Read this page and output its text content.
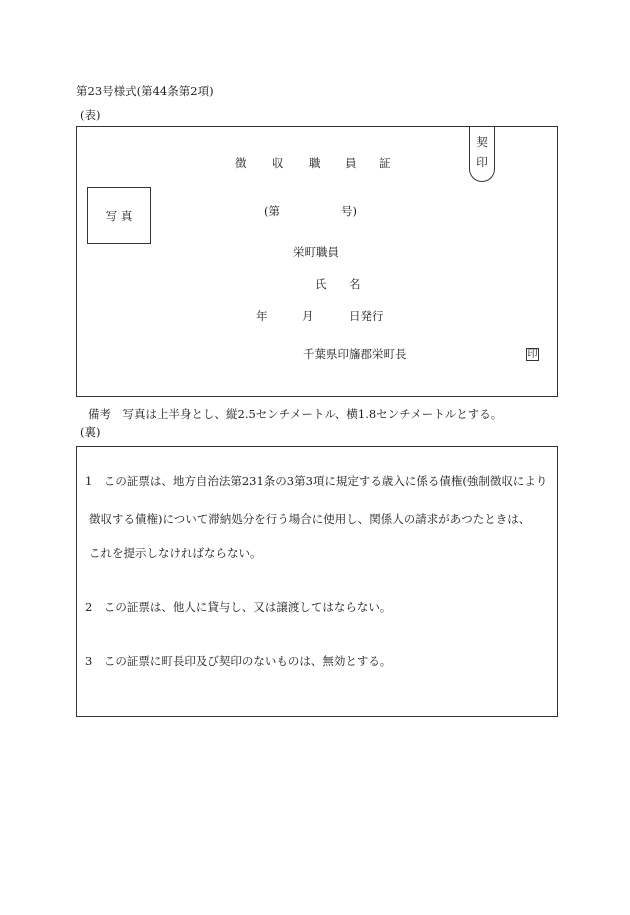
第23号様式(第44条第2項)
(表)
徴 収 職 員 証
契
印
写 真	(第	号)
栄町職員
氏 名
年	月	日発行
千葉県印旛郡栄町長	印
備考　写真は上半身とし、縦2.5センチメートル、横1.8センチメートルとする。
(裏)
1　この証票は、地方自治法第231条の3第3項に規定する歳入に係る債権(強制徴収により
徴収する債権)について滞納処分を行う場合に使用し、関係人の請求があつたときは、
これを提示しなければならない。
2　この証票は、他人に貸与し、又は譲渡してはならない。
3　この証票に町長印及び契印のないものは、無効とする。
